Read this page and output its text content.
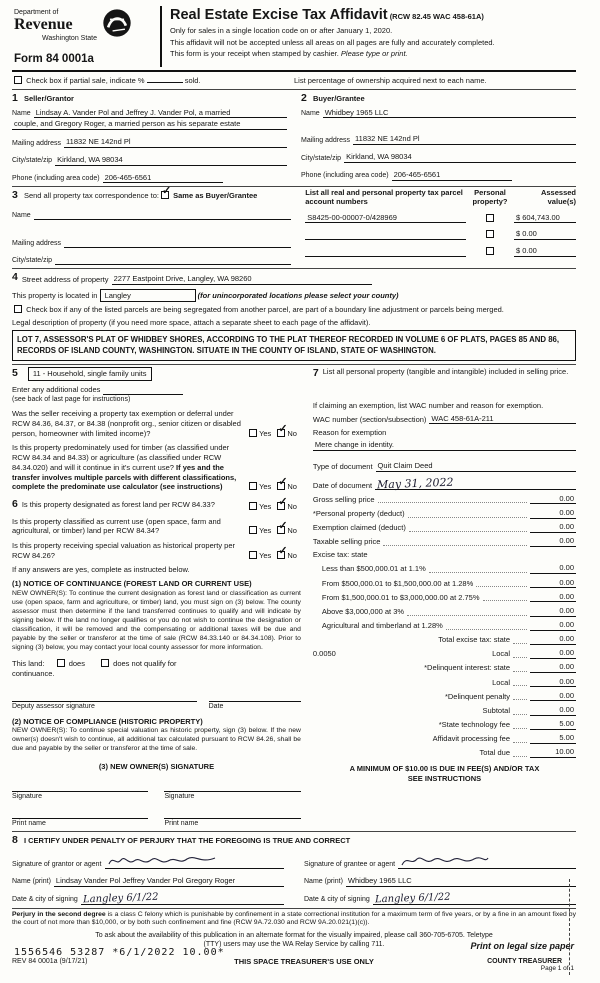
Department of
Revenue
Washington State
Form 84 0001a
Real Estate Excise Tax Affidavit (RCW 82.45 WAC 458-61A)
Only for sales in a single location code on or after January 1, 2020.
This affidavit will not be accepted unless all areas on all pages are fully and accurately completed.
This form is your receipt when stamped by cashier. Please type or print.
Check box if partial sale, indicate %	sold.	List percentage of ownership acquired next to each name.
1 Seller/Grantor
Name Lindsay A. Vander Pol and Jeffrey J. Vander Pol, a married
couple, and Gregory Roger, a married person as his separate estate
Mailing address 11832 NE 142nd Pl
City/state/zip Kirkland, WA 98034
Phone (including area code) 206-465-6561
2 Buyer/Grantee
Name Whidbey 1965 LLC
Mailing address 11832 NE 142nd Pl
City/state/zip Kirkland, WA 98034
Phone (including area code) 206-465-6561
3 Send all property tax correspondence to: ✓ Same as Buyer/Grantee
Name
Mailing address
City/state/zip
List all real and personal property tax parcel account numbers
Personal property?
Assessed value(s)
S8425-00-00007-0/428969	$ 604,743.00
$ 0.00
$ 0.00
4 Street address of property 2277 Eastpoint Drive, Langley, WA 98260
This property is located in Langley	(for unincorporated locations please select your county)
Check box if any of the listed parcels are being segregated from another parcel, are part of a boundary line adjustment or parcels being merged.
Legal description of property (if you need more space, attach a separate sheet to each page of the affidavit).
LOT 7, ASSESSOR'S PLAT OF WHIDBEY SHORES, ACCORDING TO THE PLAT THEREOF RECORDED IN VOLUME 6 OF PLATS, PAGES 85 AND 86, RECORDS OF ISLAND COUNTY, WASHINGTON. SITUATE IN THE COUNTY OF ISLAND, STATE OF WASHINGTON.
5	11 - Household, single family units
Enter any additional codes
(see back of last page for instructions)
Was the seller receiving a property tax exemption or deferral under RCW 84.36, 84.37, or 84.38 (nonprofit org., senior citizen or disabled person, homeowner with limited income)?	Yes ✓ No
Is this property predominately used for timber (as classified under RCW 84.34 and 84.33) or agriculture (as classified under RCW 84.34.020) and will it continue in it's current use? If yes and the transfer involves multiple parcels with different classifications, complete the predominate use calculator (see instructions)	Yes ✓ No
6 Is this property designated as forest land per RCW 84.33?	Yes ✓ No
Is this property classified as current use (open space, farm and agricultural, or timber) land per RCW 84.34?	Yes ✓ No
Is this property receiving special valuation as historical property per RCW 84.26?	Yes ✓ No
If any answers are yes, complete as instructed below.
(1) NOTICE OF CONTINUANCE (FOREST LAND OR CURRENT USE)
NEW OWNER(S): To continue the current designation as forest land or classification as current use (open space, farm and agriculture, or timber) land, you must sign on (3) below. The county assessor must then determine if the land transferred continues to qualify and will indicate by signing below. If the land no longer qualifies or you do not wish to continue the designation or classification, it will be removed and the compensating or additional taxes will be due and payable by the seller or transferor at the time of sale (RCW 84.33.140 or 84.34.108). Prior to signing (3) below, you may contact your local county assessor for more information.
This land:	does	does not qualify for
continuance.
Deputy assessor signature	Date
(2) NOTICE OF COMPLIANCE (HISTORIC PROPERTY)
NEW OWNER(S): To continue special valuation as historic property, sign (3) below. If the new owner(s) doesn't wish to continue, all additional tax calculated pursuant to RCW 84.26, shall be due and payable by the seller or transferor at the time of sale.
(3) NEW OWNER(S) SIGNATURE
Signature	Signature
Print name	Print name
7 List all personal property (tangible and intangible) included in selling price.
If claiming an exemption, list WAC number and reason for exemption.
WAC number (section/subsection) WAC 458-61A-211
Reason for exemption
Mere change in identity.
Type of document Quit Claim Deed
Date of document May 31, 2022
Gross selling price	0.00
*Personal property (deduct)	0.00
Exemption claimed (deduct)	0.00
Taxable selling price	0.00
Excise tax: state
Less than $500,000.01 at 1.1%	0.00
From $500,000.01 to $1,500,000.00 at 1.28%	0.00
From $1,500,000.01 to $3,000,000.00 at 2.75%	0.00
Above $3,000,000 at 3%	0.00
Agricultural and timberland at 1.28%	0.00
Total excise tax: state	0.00
0.0050	Local	0.00
*Delinquent interest: state	0.00
Local	0.00
*Delinquent penalty	0.00
Subtotal	0.00
*State technology fee	5.00
Affidavit processing fee	5.00
Total due	10.00
A MINIMUM OF $10.00 IS DUE IN FEE(S) AND/OR TAX
SEE INSTRUCTIONS
8 I CERTIFY UNDER PENALTY OF PERJURY THAT THE FOREGOING IS TRUE AND CORRECT
Signature of grantor or agent
Name (print) Lindsay Vander Pol Jeffrey Vander Pol Gregory Roger
Date & city of signing Langley 6/1/22
Signature of grantee or agent
Name (print) Whidbey 1965 LLC
Date & city of signing Langley 6/1/22
Perjury in the second degree is a class C felony which is punishable by confinement in a state correctional institution for a maximum term of five years, or by a fine in an amount fixed by the court of not more than $10,000, or by both such confinement and fine (RCW 9A.72.030 and RCW 9A.20.021(1)(c)).
To ask about the availability of this publication in an alternate format for the visually impaired, please call 360-705-6705. Teletype
(TTY) users may use the WA Relay Service by calling 711.
REV 84 0001a (9/17/21)	THIS SPACE TREASURER'S USE ONLY	COUNTY TREASURER
1556546 53287 *6/1/2022 10.00*
Print on legal size paper
Page 1 of 1
